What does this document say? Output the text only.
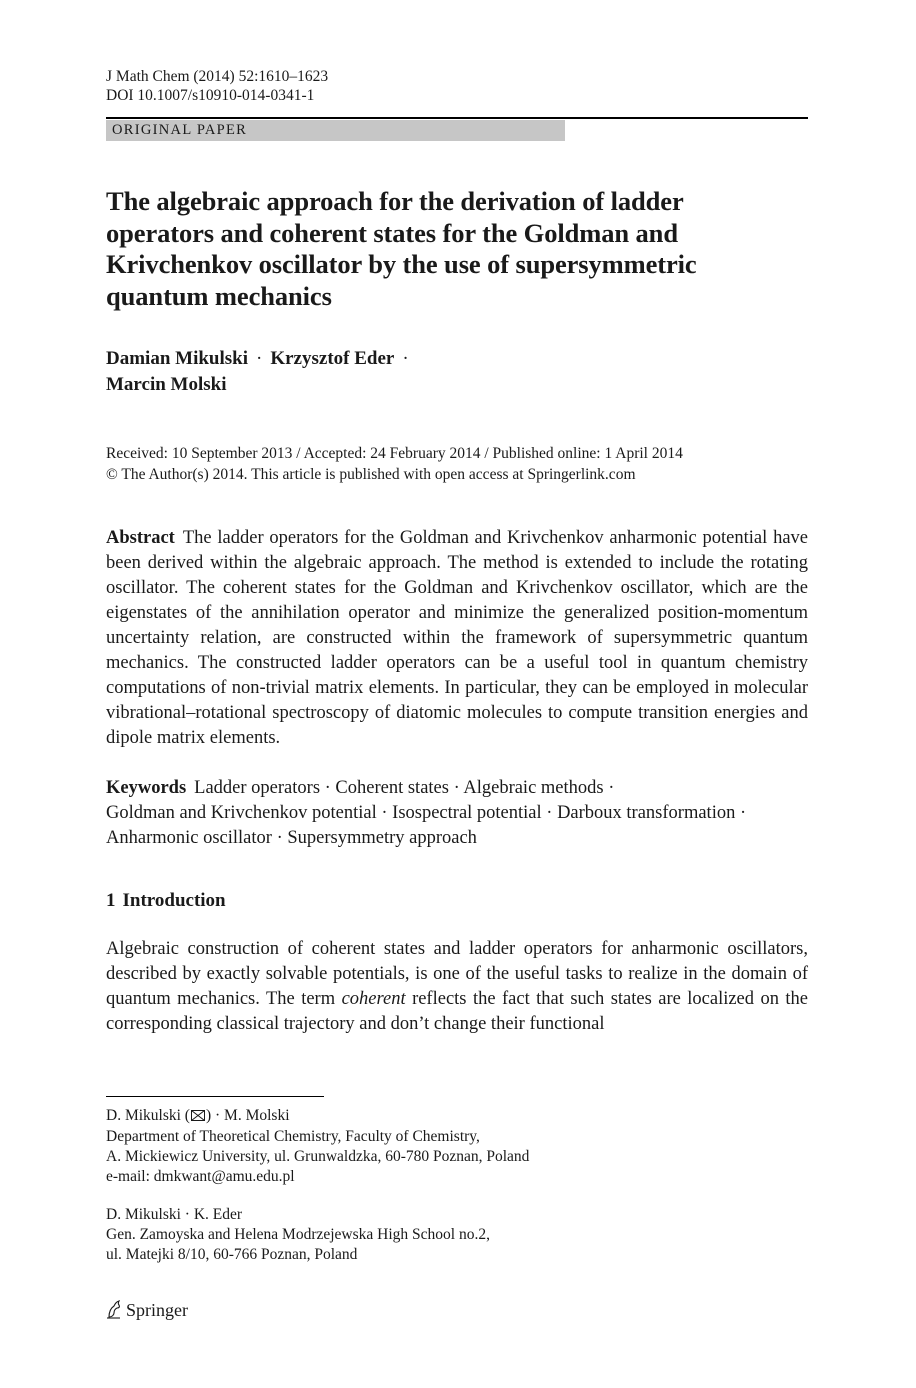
J Math Chem (2014) 52:1610–1623
DOI 10.1007/s10910-014-0341-1
ORIGINAL PAPER
The algebraic approach for the derivation of ladder operators and coherent states for the Goldman and Krivchenkov oscillator by the use of supersymmetric quantum mechanics
Damian Mikulski · Krzysztof Eder ·
Marcin Molski
Received: 10 September 2013 / Accepted: 24 February 2014 / Published online: 1 April 2014
© The Author(s) 2014. This article is published with open access at Springerlink.com

Abstract The ladder operators for the Goldman and Krivchenkov anharmonic potential have been derived within the algebraic approach. The method is extended to include the rotating oscillator. The coherent states for the Goldman and Krivchenkov oscillator, which are the eigenstates of the annihilation operator and minimize the generalized position-momentum uncertainty relation, are constructed within the framework of supersymmetric quantum mechanics. The constructed ladder operators can be a useful tool in quantum chemistry computations of non-trivial matrix elements. In particular, they can be employed in molecular vibrational–rotational spectroscopy of diatomic molecules to compute transition energies and dipole matrix elements.

Keywords Ladder operators · Coherent states · Algebraic methods ·
Goldman and Krivchenkov potential · Isospectral potential · Darboux transformation ·
Anharmonic oscillator · Supersymmetry approach
1 Introduction

Algebraic construction of coherent states and ladder operators for anharmonic oscillators, described by exactly solvable potentials, is one of the useful tasks to realize in the domain of quantum mechanics. The term coherent reflects the fact that such states are localized on the corresponding classical trajectory and don’t change their functional

D. Mikulski ( ) · M. Molski
Department of Theoretical Chemistry, Faculty of Chemistry,
A. Mickiewicz University, ul. Grunwaldzka, 60-780 Poznan, Poland
e-mail: dmkwant@amu.edu.pl
D. Mikulski · K. Eder
Gen. Zamoyska and Helena Modrzejewska High School no.2,
ul. Matejki 8/10, 60-766 Poznan, Poland
Springer
